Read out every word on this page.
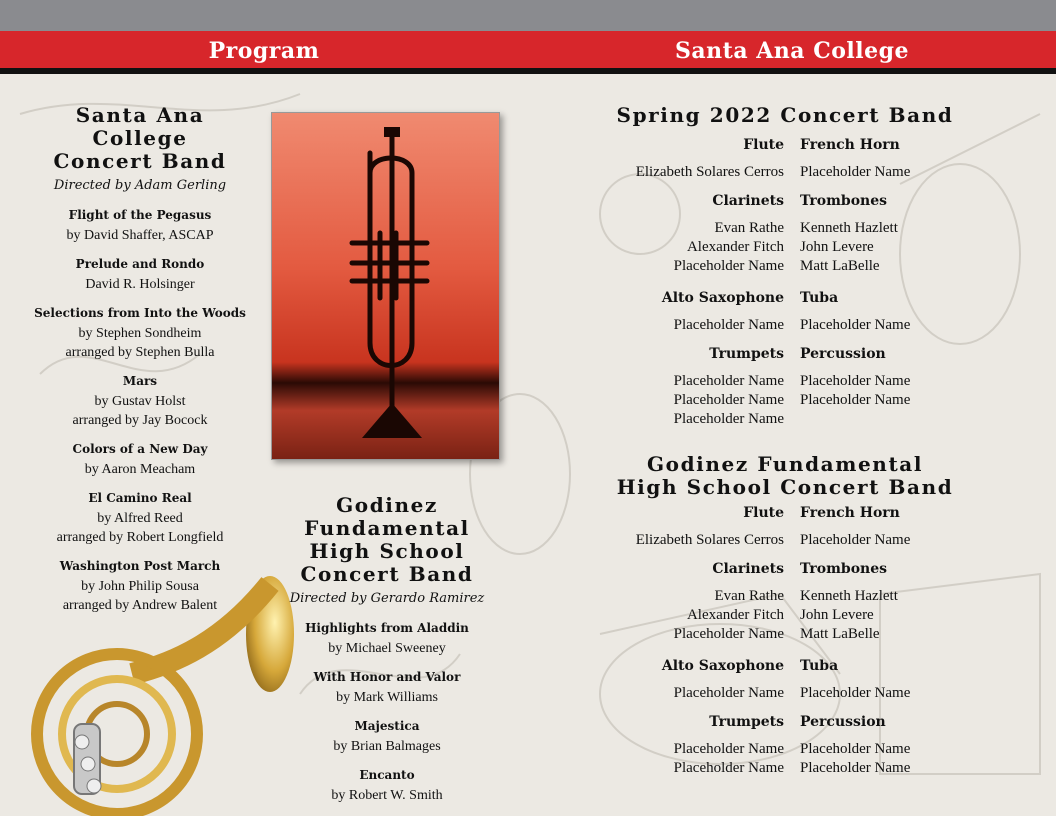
Program	Santa Ana College
Santa Ana College
Concert Band
Directed by Adam Gerling
Flight of the Pegasus
by David Shaffer, ASCAP
Prelude and Rondo
David R. Holsinger
Selections from Into the Woods
by Stephen Sondheim
arranged by Stephen Bulla
Mars
by Gustav Holst
arranged by Jay Bocock
Colors of a New Day
by Aaron Meacham
El Camino Real
by Alfred Reed
arranged by Robert Longfield
Washington Post March
by John Philip Sousa
arranged by Andrew Balent
Godinez Fundamental
High School
Concert Band
Directed by Gerardo Ramirez
Highlights from Aladdin
by Michael Sweeney
With Honor and Valor
by Mark Williams
Majestica
by Brian Balmages
Encanto
by Robert W. Smith
Spring 2022 Concert Band
Flute French Horn
Elizabeth Solares Cerros Placeholder Name
Clarinets Trombones
Evan Rathe
Alexander Fitch
Placeholder Name
Kenneth Hazlett
John Levere
Matt LaBelle
Alto Saxophone Tuba
Placeholder Name Placeholder Name
Trumpets Percussion
Placeholder Name
Placeholder Name
Placeholder Name
Placeholder Name
Placeholder Name
Godinez Fundamental
High School Concert Band
Flute French Horn
Elizabeth Solares Cerros Placeholder Name
Clarinets Trombones
Evan Rathe
Alexander Fitch
Placeholder Name
Kenneth Hazlett
John Levere
Matt LaBelle
Alto Saxophone Tuba
Placeholder Name Placeholder Name
Trumpets Percussion
Placeholder Name
Placeholder Name
Placeholder Name
Placeholder Name
